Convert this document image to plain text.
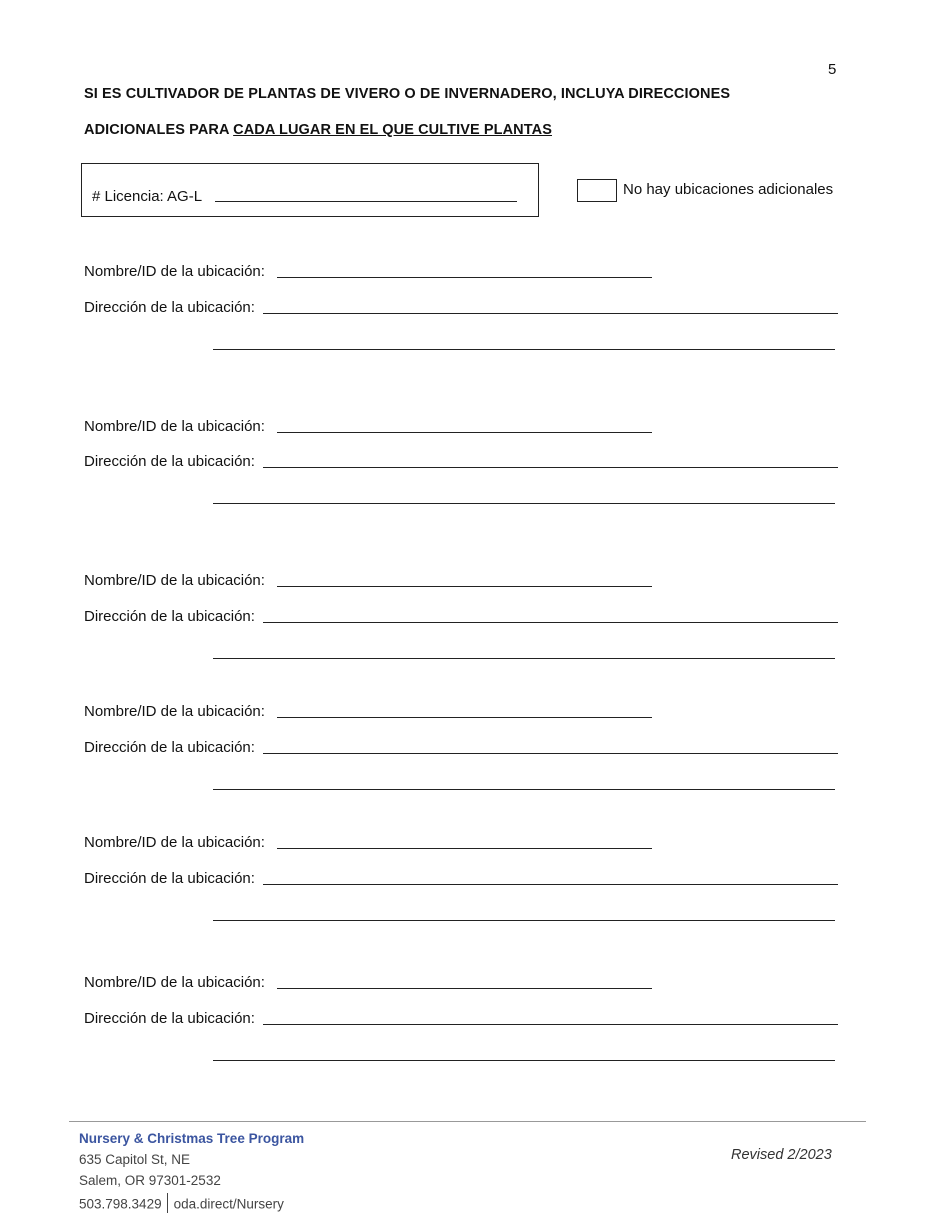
5
SI ES CULTIVADOR DE PLANTAS DE VIVERO O DE INVERNADERO, INCLUYA DIRECCIONES
ADICIONALES PARA CADA LUGAR EN EL QUE CULTIVE PLANTAS
# Licencia: AG-L	No hay ubicaciones adicionales
Nombre/ID de la ubicación:
Dirección de la ubicación:
Nombre/ID de la ubicación:
Dirección de la ubicación:
Nombre/ID de la ubicación:
Dirección de la ubicación:
Nombre/ID de la ubicación:
Dirección de la ubicación:
Nombre/ID de la ubicación:
Dirección de la ubicación:
Nombre/ID de la ubicación:
Dirección de la ubicación:
Nursery & Christmas Tree Program
635 Capitol St, NE
Salem, OR 97301-2532
503.798.3429 oda.direct/Nursery
Revised 2/2023
